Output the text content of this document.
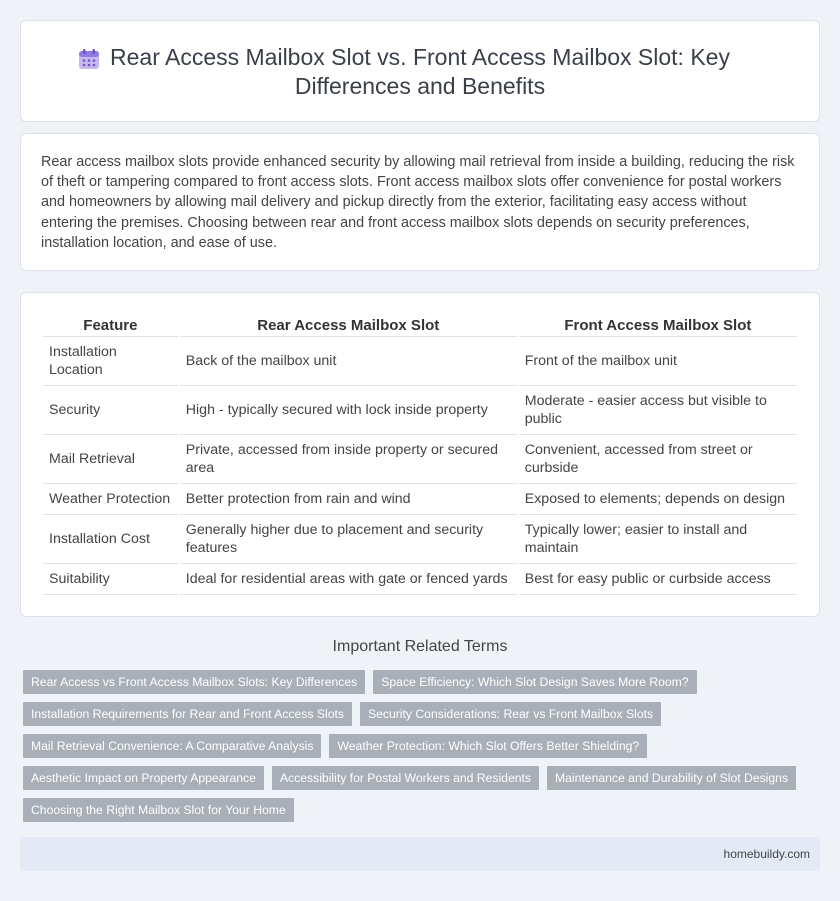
Rear Access Mailbox Slot vs. Front Access Mailbox Slot: Key Differences and Benefits

Rear access mailbox slots provide enhanced security by allowing mail retrieval from inside a building, reducing the risk of theft or tampering compared to front access slots. Front access mailbox slots offer convenience for postal workers and homeowners by allowing mail delivery and pickup directly from the exterior, facilitating easy access without entering the premises. Choosing between rear and front access mailbox slots depends on security preferences, installation location, and ease of use.

Feature	Rear Access Mailbox Slot	Front Access Mailbox Slot
Installation Location	Back of the mailbox unit	Front of the mailbox unit
Security	High - typically secured with lock inside property	Moderate - easier access but visible to public
Mail Retrieval	Private, accessed from inside property or secured area	Convenient, accessed from street or curbside
Weather Protection	Better protection from rain and wind	Exposed to elements; depends on design
Installation Cost	Generally higher due to placement and security features	Typically lower; easier to install and maintain
Suitability	Ideal for residential areas with gate or fenced yards	Best for easy public or curbside access
Important Related Terms
Rear Access vs Front Access Mailbox Slots: Key Differences	Space Efficiency: Which Slot Design Saves More Room?
Installation Requirements for Rear and Front Access Slots	Security Considerations: Rear vs Front Mailbox Slots
Mail Retrieval Convenience: A Comparative Analysis	Weather Protection: Which Slot Offers Better Shielding?
Aesthetic Impact on Property Appearance	Accessibility for Postal Workers and Residents	Maintenance and Durability of Slot Designs
Choosing the Right Mailbox Slot for Your Home
homebuildy.com
